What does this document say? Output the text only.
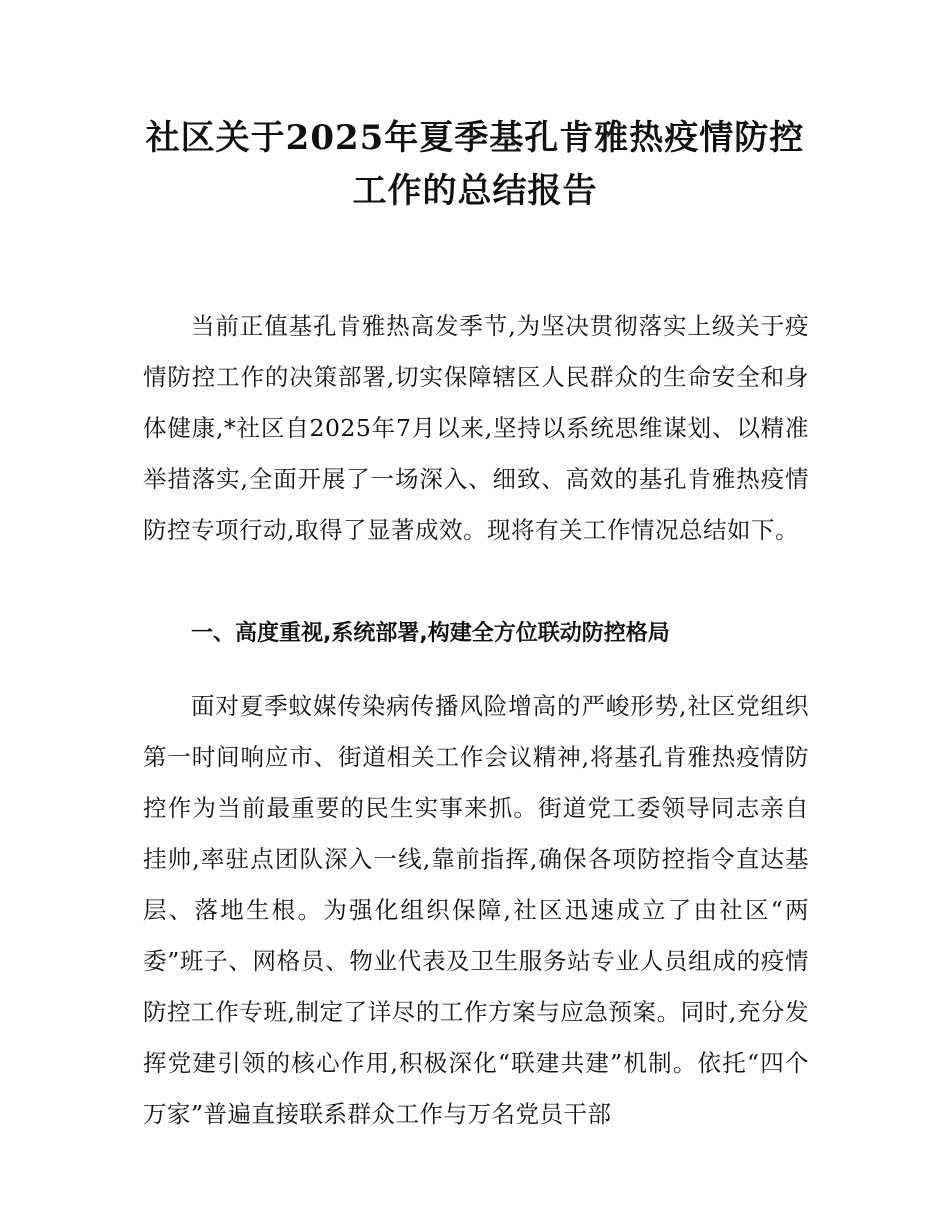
社区关于2025年夏季基孔肯雅热疫情防控工作的总结报告

当前正值基孔肯雅热高发季节,为坚决贯彻落实上级关于疫情防控工作的决策部署,切实保障辖区人民群众的生命安全和身体健康,*社区自2025年7月以来,坚持以系统思维谋划、以精准举措落实,全面开展了一场深入、细致、高效的基孔肯雅热疫情防控专项行动,取得了显著成效。现将有关工作情况总结如下。

一、高度重视,系统部署,构建全方位联动防控格局

面对夏季蚊媒传染病传播风险增高的严峻形势,社区党组织第一时间响应市、街道相关工作会议精神,将基孔肯雅热疫情防控作为当前最重要的民生实事来抓。街道党工委领导同志亲自挂帅,率驻点团队深入一线,靠前指挥,确保各项防控指令直达基层、落地生根。为强化组织保障,社区迅速成立了由社区“两委”班子、网格员、物业代表及卫生服务站专业人员组成的疫情防控工作专班,制定了详尽的工作方案与应急预案。同时,充分发挥党建引领的核心作用,积极深化“联建共建”机制。依托“四个万家”普遍直接联系群众工作与万名党员干部
